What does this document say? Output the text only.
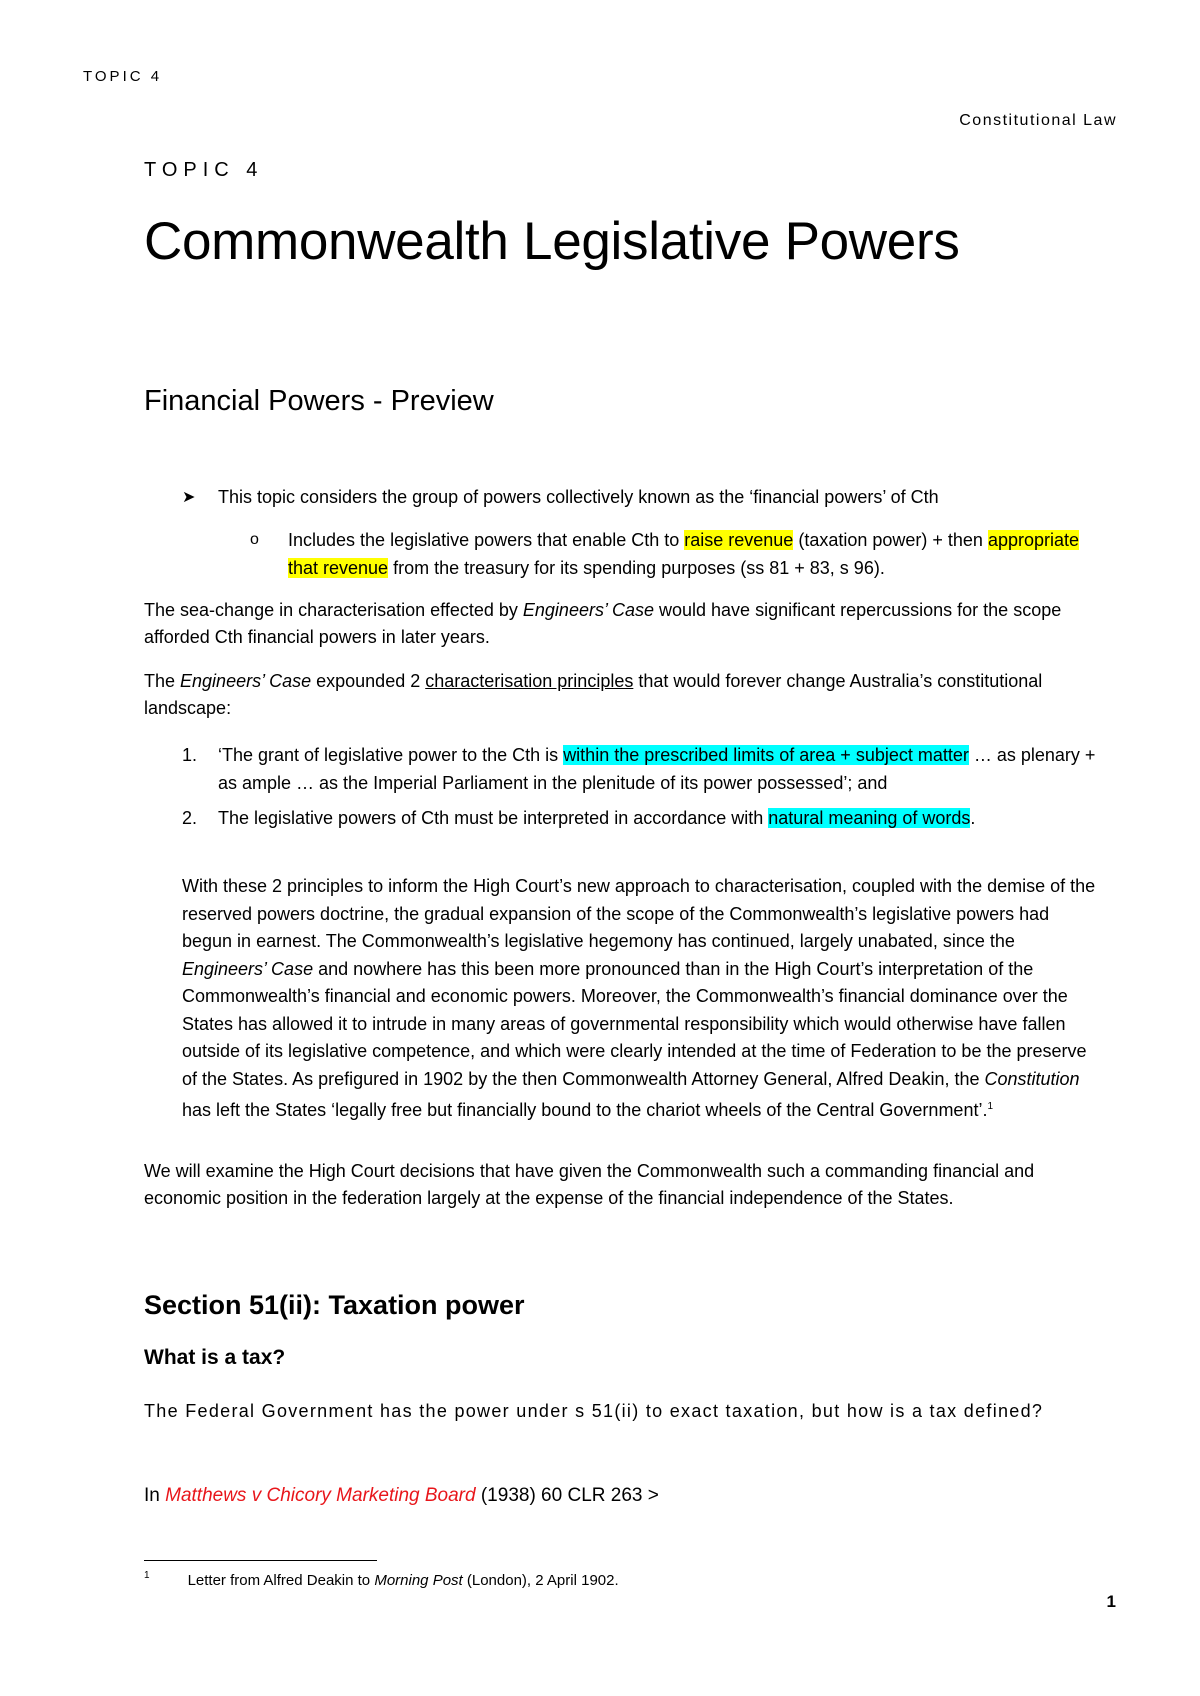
TOPIC 4
Constitutional Law
TOPIC 4
Commonwealth Legislative Powers
Financial Powers - Preview
➤ This topic considers the group of powers collectively known as the ‘financial powers’ of Cth
o Includes the legislative powers that enable Cth to raise revenue (taxation power) + then appropriate that revenue from the treasury for its spending purposes (ss 81 + 83, s 96).

The sea-change in characterisation effected by Engineers’ Case would have significant repercussions for the scope afforded Cth financial powers in later years.

The Engineers’ Case expounded 2 characterisation principles that would forever change Australia’s constitutional landscape:

1. ‘The grant of legislative power to the Cth is within the prescribed limits of area + subject matter … as plenary + as ample … as the Imperial Parliament in the plenitude of its power possessed’; and
2. The legislative powers of Cth must be interpreted in accordance with natural meaning of words.
With these 2 principles to inform the High Court’s new approach to characterisation, coupled with the demise of the reserved powers doctrine, the gradual expansion of the scope of the Commonwealth’s legislative powers had begun in earnest. The Commonwealth’s legislative hegemony has continued, largely unabated, since the Engineers’ Case and nowhere has this been more pronounced than in the High Court’s interpretation of the Commonwealth’s financial and economic powers. Moreover, the Commonwealth’s financial dominance over the States has allowed it to intrude in many areas of governmental responsibility which would otherwise have fallen outside of its legislative competence, and which were clearly intended at the time of Federation to be the preserve of the States. As prefigured in 1902 by the then Commonwealth Attorney General, Alfred Deakin, the Constitution has left the States ‘legally free but financially bound to the chariot wheels of the Central Government’.$^1$

We will examine the High Court decisions that have given the Commonwealth such a commanding financial and economic position in the federation largely at the expense of the financial independence of the States.

Section 51(ii): Taxation power
What is a tax?
The Federal Government has the power under s 51(ii) to exact taxation, but how is a tax defined?
In Matthews v Chicory Marketing Board (1938) 60 CLR 263 >
$^1$	Letter from Alfred Deakin to Morning Post (London), 2 April 1902.
1
